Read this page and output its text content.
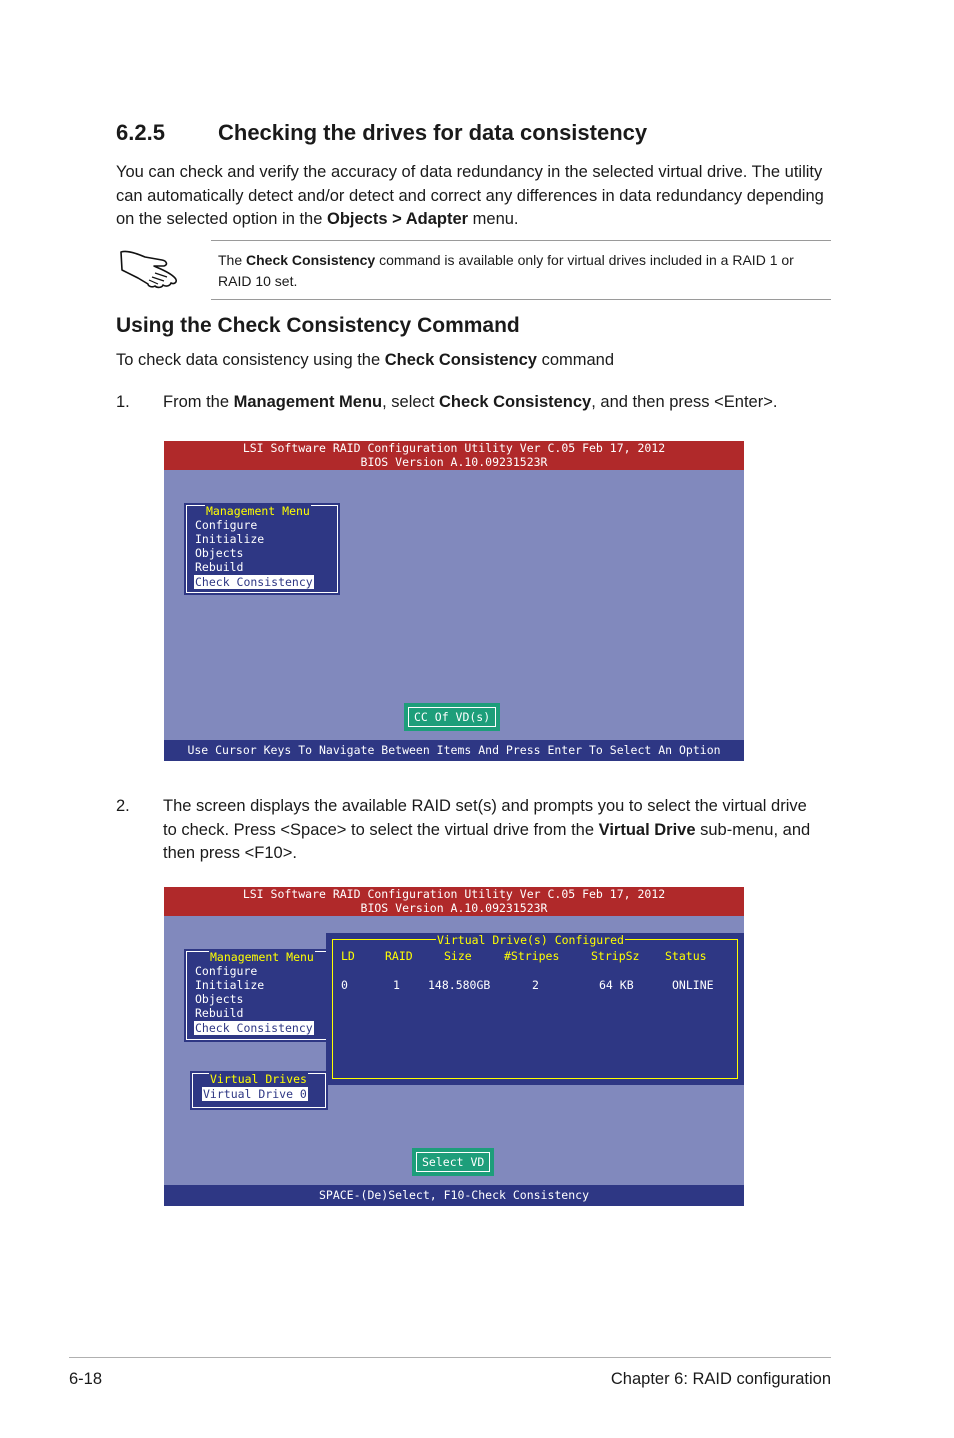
6.2.5 Checking the drives for data consistency
You can check and verify the accuracy of data redundancy in the selected virtual drive. The utility can automatically detect and/or detect and correct any differences in data redundancy depending on the selected option in the Objects > Adapter menu.
The Check Consistency command is available only for virtual drives included in a RAID 1 or RAID 10 set.
Using the Check Consistency Command
To check data consistency using the Check Consistency command
1. From the Management Menu, select Check Consistency, and then press <Enter>.
LSI Software RAID Configuration Utility Ver C.05 Feb 17, 2012
BIOS Version A.10.09231523R
Management Menu
Configure
Initialize
Objects
Rebuild
Check Consistency
CC Of VD(s)
Use Cursor Keys To Navigate Between Items And Press Enter To Select An Option
2. The screen displays the available RAID set(s) and prompts you to select the virtual drive to check. Press <Space> to select the virtual drive from the Virtual Drive sub-menu, and then press <F10>.
LSI Software RAID Configuration Utility Ver C.05 Feb 17, 2012
BIOS Version A.10.09231523R
Management Menu
Configure
Initialize
Objects
Rebuild
Check Consistency
Virtual Drive(s) Configured
LD	RAID	Size	#Stripes	StripSz Status
0	1 148.580GB	2	64 KB	ONLINE
Virtual Drives
Virtual Drive 0
Select VD
SPACE-(De)Select, F10-Check Consistency
6-18	Chapter 6: RAID configuration
